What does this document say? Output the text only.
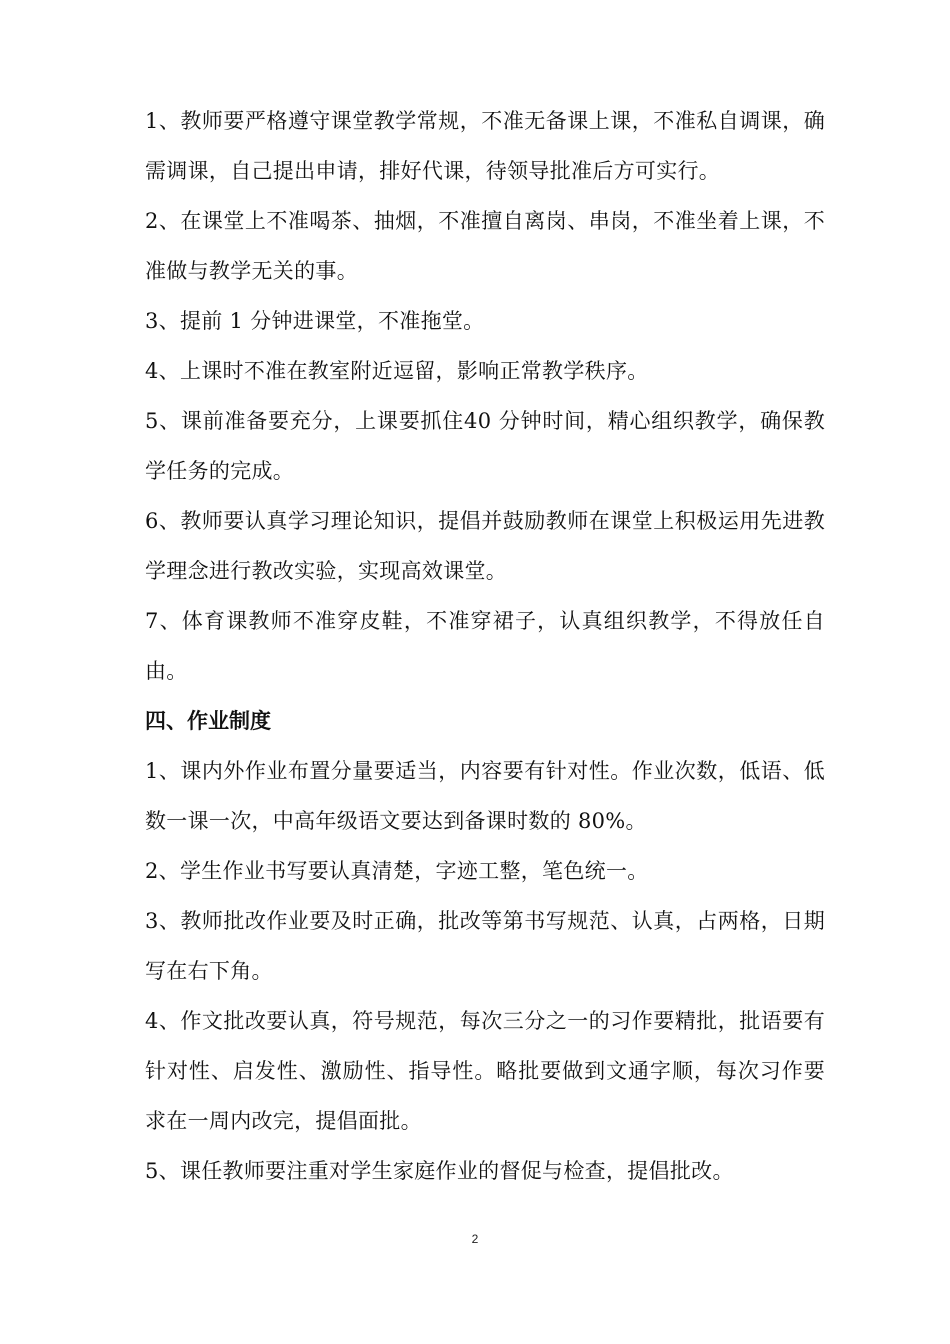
1、教师要严格遵守课堂教学常规，不准无备课上课，不准私自调课，确需调课，自己提出申请，排好代课，待领导批准后方可实行。

2、在课堂上不准喝茶、抽烟，不准擅自离岗、串岗，不准坐着上课，不准做与教学无关的事。

3、提前 1 分钟进课堂，不准拖堂。

4、上课时不准在教室附近逗留，影响正常教学秩序。

5、课前准备要充分，上课要抓住40 分钟时间，精心组织教学，确保教学任务的完成。

6、教师要认真学习理论知识，提倡并鼓励教师在课堂上积极运用先进教学理念进行教改实验，实现高效课堂。

7、体育课教师不准穿皮鞋，不准穿裙子，认真组织教学，不得放任自由。

四、作业制度

1、课内外作业布置分量要适当，内容要有针对性。作业次数，低语、低数一课一次，中高年级语文要达到备课时数的 80%。

2、学生作业书写要认真清楚，字迹工整，笔色统一。

3、教师批改作业要及时正确，批改等第书写规范、认真，占两格，日期写在右下角。

4、作文批改要认真，符号规范，每次三分之一的习作要精批，批语要有针对性、启发性、激励性、指导性。略批要做到文通字顺，每次习作要求在一周内改完，提倡面批。

5、课任教师要注重对学生家庭作业的督促与检查，提倡批改。

2
